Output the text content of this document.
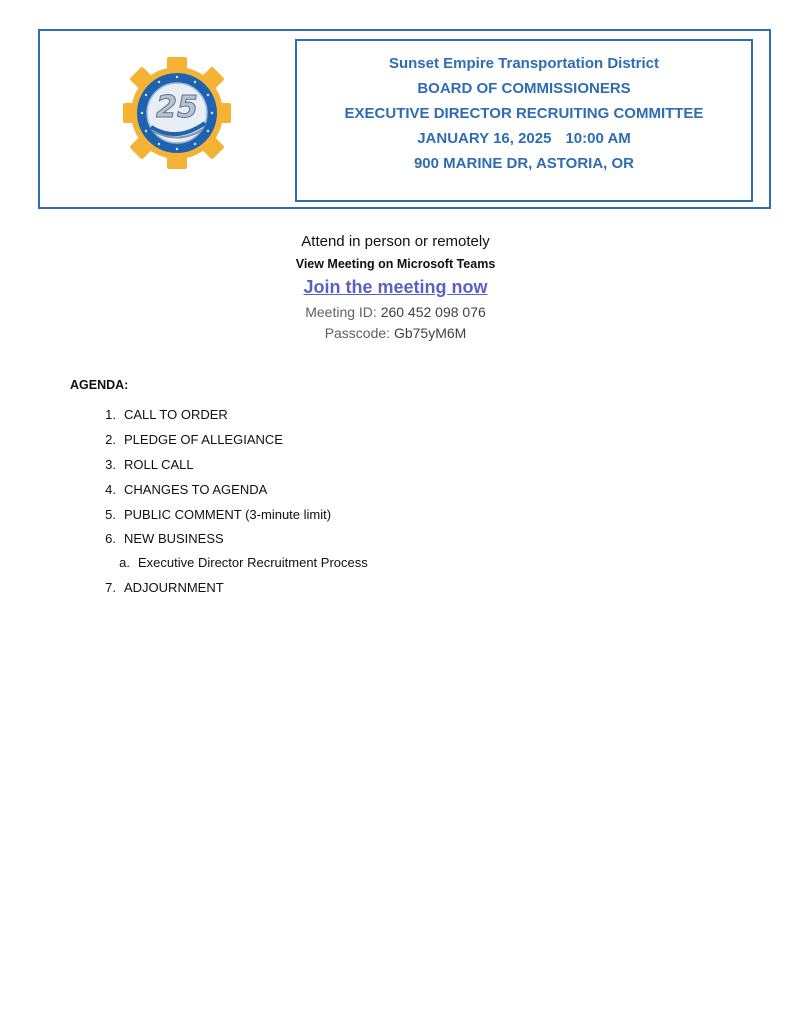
25
Sunset Empire Transportation District
BOARD OF COMMISSIONERS
EXECUTIVE DIRECTOR RECRUITING COMMITTEE
JANUARY 16, 2025 10:00 AM
900 MARINE DR, ASTORIA, OR
Attend in person or remotely
View Meeting on Microsoft Teams
Join the meeting now
Meeting ID: 260 452 098 076
Passcode: Gb75yM6M
AGENDA:
1. CALL TO ORDER
2. PLEDGE OF ALLEGIANCE
3. ROLL CALL
4. CHANGES TO AGENDA
5. PUBLIC COMMENT (3-minute limit)
6. NEW BUSINESS
a. Executive Director Recruitment Process
7. ADJOURNMENT
